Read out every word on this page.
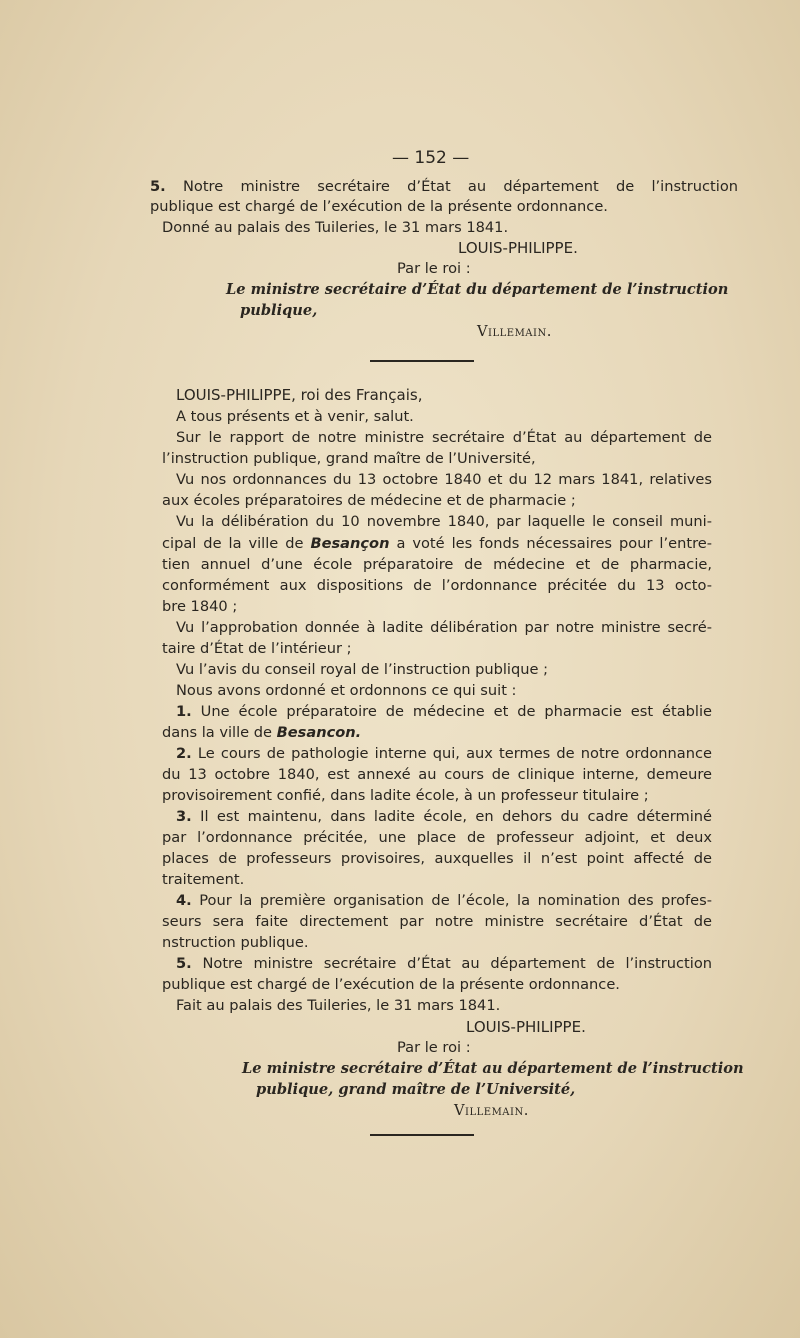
— 152 —
5. Notre ministre secrétaire d’État au département de l’instruction
publique est chargé de l’exécution de la présente ordonnance.
Donné au palais des Tuileries, le 31 mars 1841.
LOUIS-PHILIPPE.
Par le roi :
Le ministre secrétaire d’État du département de l’instruction
publique,
Villemain.
LOUIS-PHILIPPE, roi des Français,
A tous présents et à venir, salut.
Sur le rapport de notre ministre secrétaire d’État au département de
l’instruction publique, grand maître de l’Université,
Vu nos ordonnances du 13 octobre 1840 et du 12 mars 1841, relatives
aux écoles préparatoires de médecine et de pharmacie ;
Vu la délibération du 10 novembre 1840, par laquelle le conseil muni-
cipal de la ville de Besançon a voté les fonds nécessaires pour l’entre-
tien annuel d’une école préparatoire de médecine et de pharmacie,
conformément aux dispositions de l’ordonnance précitée du 13 octo-
bre 1840 ;
Vu l’approbation donnée à ladite délibération par notre ministre secré-
taire d’État de l’intérieur ;
Vu l’avis du conseil royal de l’instruction publique ;
Nous avons ordonné et ordonnons ce qui suit :
1. Une école préparatoire de médecine et de pharmacie est établie
dans la ville de Besancon.
2. Le cours de pathologie interne qui, aux termes de notre ordonnance
du 13 octobre 1840, est annexé au cours de clinique interne, demeure
provisoirement confié, dans ladite école, à un professeur titulaire ;
3. Il est maintenu, dans ladite école, en dehors du cadre déterminé
par l’ordonnance précitée, une place de professeur adjoint, et deux
places de professeurs provisoires, auxquelles il n’est point affecté de
traitement.
4. Pour la première organisation de l’école, la nomination des profes-
seurs sera faite directement par notre ministre secrétaire d’État de
nstruction publique.
5. Notre ministre secrétaire d’État au département de l’instruction
publique est chargé de l’exécution de la présente ordonnance.
Fait au palais des Tuileries, le 31 mars 1841.
LOUIS-PHILIPPE.
Par le roi :
Le ministre secrétaire d’État au département de l’instruction
publique, grand maître de l’Université,
Villemain.
